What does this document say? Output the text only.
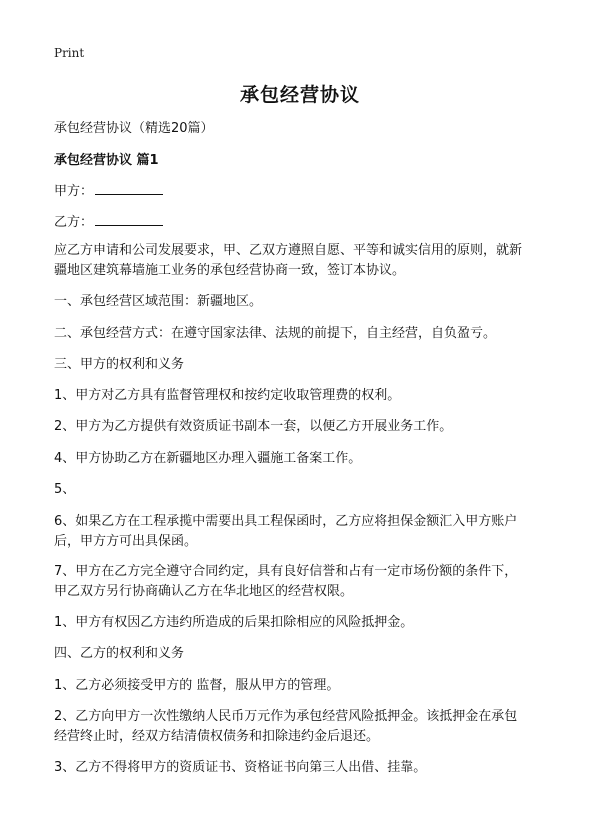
Print
承包经营协议
承包经营协议（精选20篇）
承包经营协议 篇1
甲方：
乙方：
应乙方申请和公司发展要求，甲、乙双方遵照自愿、平等和诚实信用的原则，就新
疆地区建筑幕墙施工业务的承包经营协商一致，签订本协议。
一、承包经营区域范围：新疆地区。
二、承包经营方式：在遵守国家法律、法规的前提下，自主经营，自负盈亏。
三、甲方的权利和义务
1、甲方对乙方具有监督管理权和按约定收取管理费的权利。
2、甲方为乙方提供有效资质证书副本一套，以便乙方开展业务工作。
4、甲方协助乙方在新疆地区办理入疆施工备案工作。
5、
6、如果乙方在工程承揽中需要出具工程保函时，乙方应将担保金额汇入甲方账户
后，甲方方可出具保函。
7、甲方在乙方完全遵守合同约定，具有良好信誉和占有一定市场份额的条件下，
甲乙双方另行协商确认乙方在华北地区的经营权限。
1、甲方有权因乙方违约所造成的后果扣除相应的风险抵押金。
四、乙方的权利和义务
1、乙方必须接受甲方的 监督，服从甲方的管理。
2、乙方向甲方一次性缴纳人民币万元作为承包经营风险抵押金。该抵押金在承包
经营终止时，经双方结清债权债务和扣除违约金后退还。
3、乙方不得将甲方的资质证书、资格证书向第三人出借、挂靠。
